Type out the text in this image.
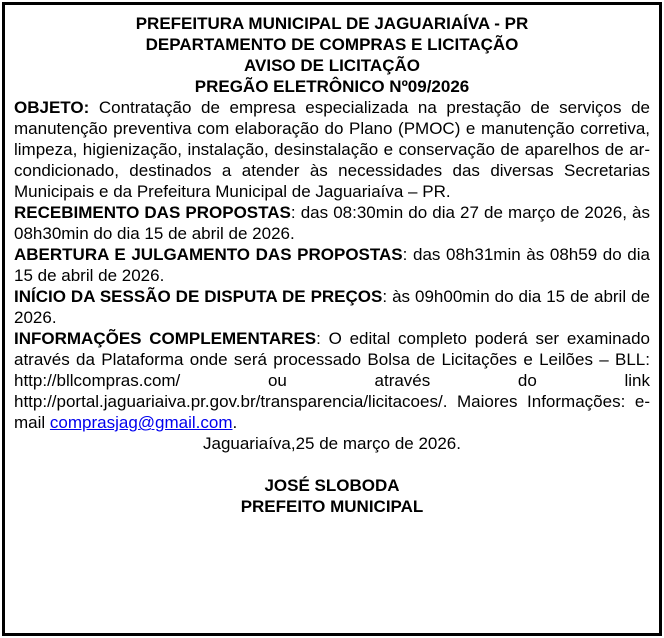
PREFEITURA MUNICIPAL DE JAGUARIAÍVA - PR
DEPARTAMENTO DE COMPRAS E LICITAÇÃO
AVISO DE LICITAÇÃO
PREGÃO ELETRÔNICO Nº09/2026

OBJETO: Contratação de empresa especializada na prestação de serviços de manutenção preventiva com elaboração do Plano (PMOC) e manutenção corretiva, limpeza, higienização, instalação, desinstalação e conservação de aparelhos de ar-condicionado, destinados a atender às necessidades das diversas Secretarias Municipais e da Prefeitura Municipal de Jaguariaíva – PR.

RECEBIMENTO DAS PROPOSTAS: das 08:30min do dia 27 de março de 2026, às 08h30min do dia 15 de abril de 2026.

ABERTURA E JULGAMENTO DAS PROPOSTAS: das 08h31min às 08h59 do dia 15 de abril de 2026.

INÍCIO DA SESSÃO DE DISPUTA DE PREÇOS: às 09h00min do dia 15 de abril de 2026.

INFORMAÇÕES COMPLEMENTARES: O edital completo poderá ser examinado através da Plataforma onde será processado Bolsa de Licitações e Leilões – BLL: http://bllcompras.com/ ou através do link http://portal.jaguariaiva.pr.gov.br/transparencia/licitacoes/. Maiores Informações: e-mail comprasjag@gmail.com.

Jaguariaíva,25 de março de 2026.

JOSÉ SLOBODA
PREFEITO MUNICIPAL
